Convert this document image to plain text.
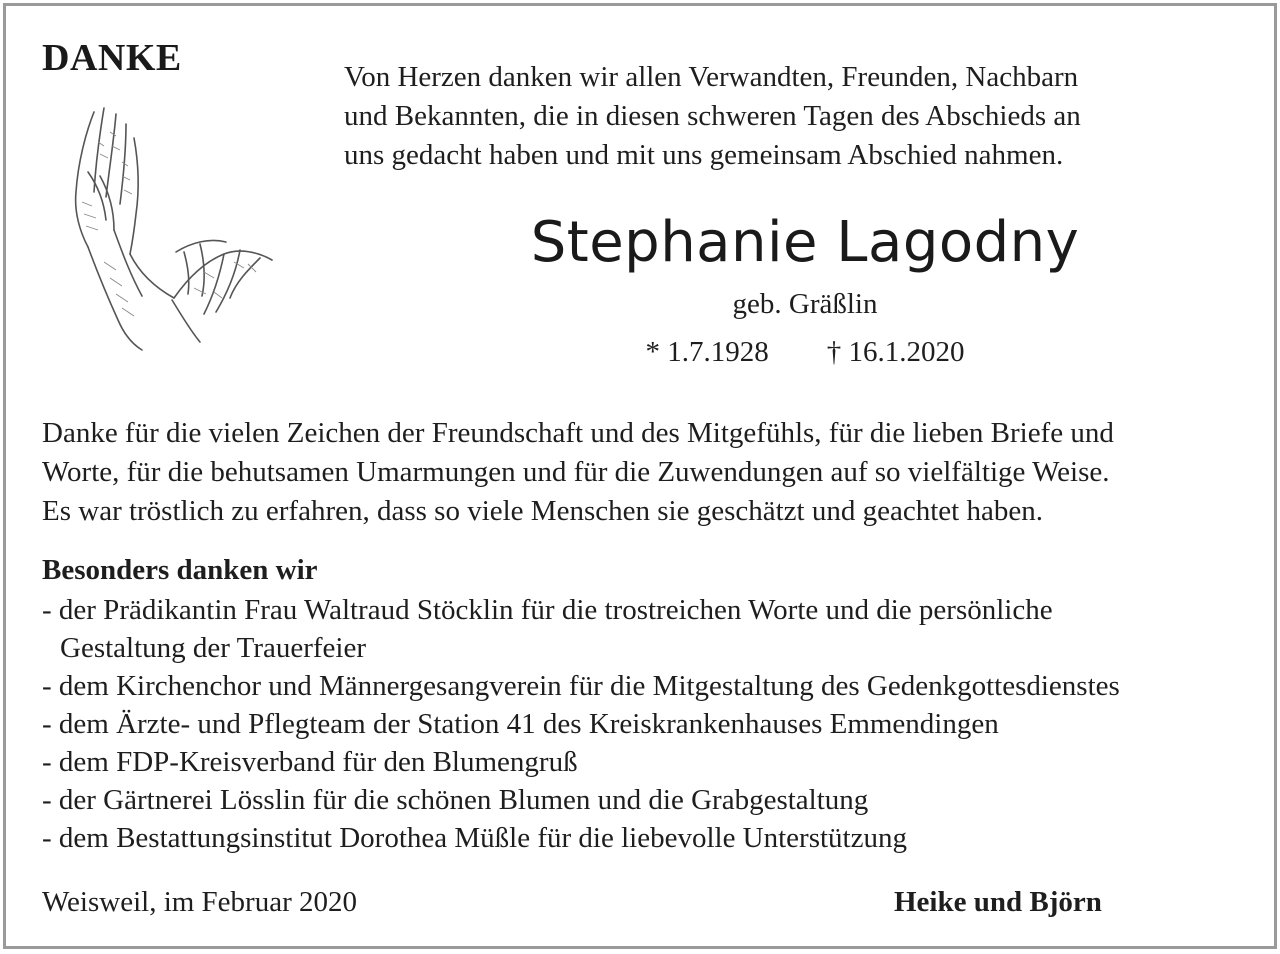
DANKE	Von Herzen danken wir allen Verwandten, Freunden, Nachbarn
und Bekannten, die in diesen schweren Tagen des Abschieds an
uns gedacht haben und mit uns gemeinsam Abschied nahmen.
Stephanie Lagodny
geb. Gräßlin
* 1.7.1928 † 16.1.2020
Danke für die vielen Zeichen der Freundschaft und des Mitgefühls, für die lieben Briefe und
Worte, für die behutsamen Umarmungen und für die Zuwendungen auf so vielfältige Weise.
Es war tröstlich zu erfahren, dass so viele Menschen sie geschätzt und geachtet haben.
Besonders danken wir
- der Prädikantin Frau Waltraud Stöcklin für die trostreichen Worte und die persönliche
Gestaltung der Trauerfeier
- dem Kirchenchor und Männergesangverein für die Mitgestaltung des Gedenkgottesdienstes
- dem Ärzte- und Pflegteam der Station 41 des Kreiskrankenhauses Emmendingen
- dem FDP-Kreisverband für den Blumengruß
- der Gärtnerei Lösslin für die schönen Blumen und die Grabgestaltung
- dem Bestattungsinstitut Dorothea Müßle für die liebevolle Unterstützung
Weisweil, im Februar 2020	Heike und Björn
